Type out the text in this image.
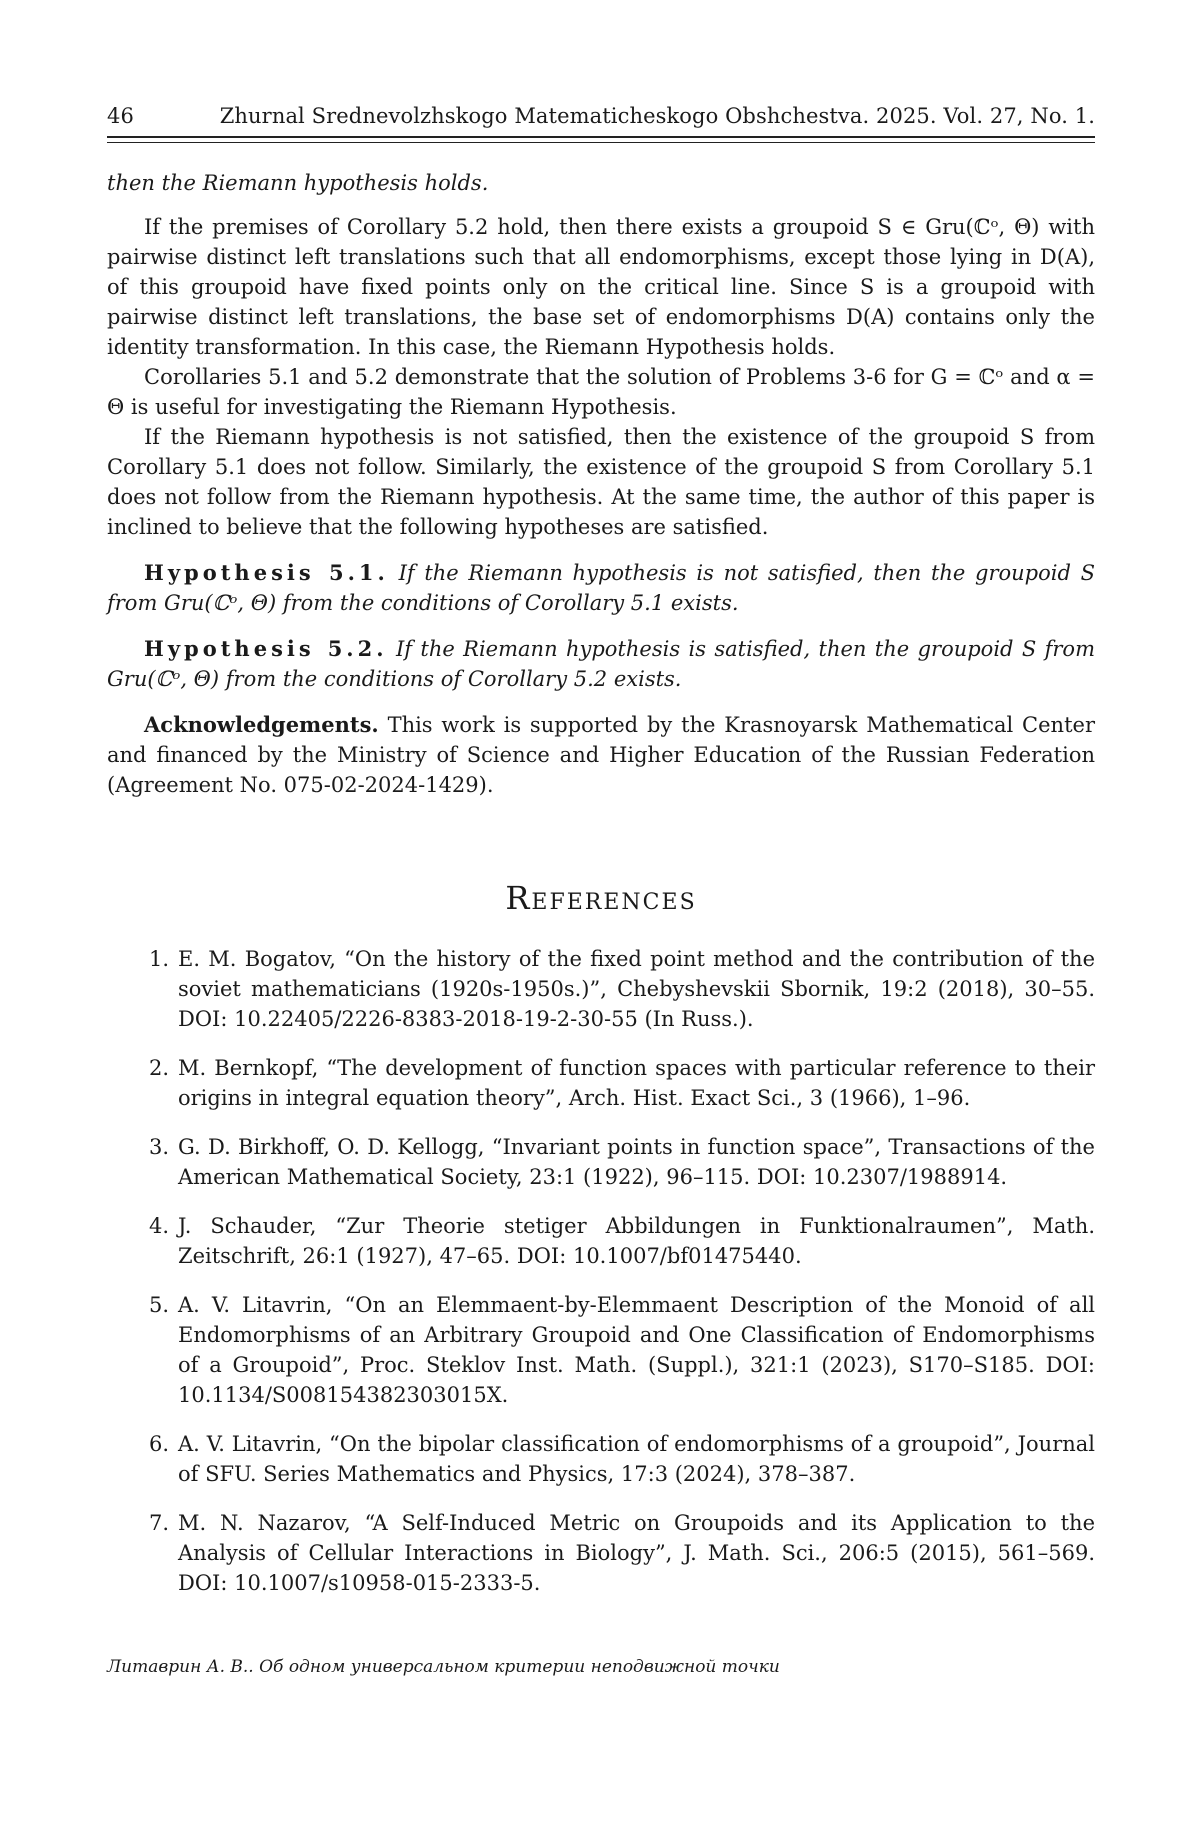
46	Zhurnal Srednevolzhskogo Matematicheskogo Obshchestva. 2025. Vol. 27, No. 1.

then the Riemann hypothesis holds.

If the premises of Corollary 5.2 hold, then there exists a groupoid S ∈ Gru(ℂᵒ, Θ) with pairwise distinct left translations such that all endomorphisms, except those lying in D(A), of this groupoid have fixed points only on the critical line. Since S is a groupoid with pairwise distinct left translations, the base set of endomorphisms D(A) contains only the identity transformation. In this case, the Riemann Hypothesis holds.

Corollaries 5.1 and 5.2 demonstrate that the solution of Problems 3-6 for G = ℂᵒ and α = Θ is useful for investigating the Riemann Hypothesis.

If the Riemann hypothesis is not satisfied, then the existence of the groupoid S from Corollary 5.1 does not follow. Similarly, the existence of the groupoid S from Corollary 5.1 does not follow from the Riemann hypothesis. At the same time, the author of this paper is inclined to believe that the following hypotheses are satisfied.

Hypothesis 5.1. If the Riemann hypothesis is not satisfied, then the groupoid S from Gru(ℂᵒ, Θ) from the conditions of Corollary 5.1 exists.

Hypothesis 5.2. If the Riemann hypothesis is satisfied, then the groupoid S from Gru(ℂᵒ, Θ) from the conditions of Corollary 5.2 exists.

Acknowledgements. This work is supported by the Krasnoyarsk Mathematical Center and financed by the Ministry of Science and Higher Education of the Russian Federation (Agreement No. 075-02-2024-1429).

References
1. E. M. Bogatov, “On the history of the fixed point method and the contribution of the soviet mathematicians (1920s-1950s.)”, Chebyshevskii Sbornik, 19:2 (2018), 30–55. DOI: 10.22405/2226-8383-2018-19-2-30-55 (In Russ.).
2. M. Bernkopf, “The development of function spaces with particular reference to their origins in integral equation theory”, Arch. Hist. Exact Sci., 3 (1966), 1–96.
3. G. D. Birkhoff, O. D. Kellogg, “Invariant points in function space”, Transactions of the American Mathematical Society, 23:1 (1922), 96–115. DOI: 10.2307/1988914.
4. J. Schauder, “Zur Theorie stetiger Abbildungen in Funktionalraumen”, Math. Zeitschrift, 26:1 (1927), 47–65. DOI: 10.1007/bf01475440.
5. A. V. Litavrin, “On an Elemmaent-by-Elemmaent Description of the Monoid of all Endomorphisms of an Arbitrary Groupoid and One Classification of Endomorphisms of a Groupoid”, Proc. Steklov Inst. Math. (Suppl.), 321:1 (2023), S170–S185. DOI: 10.1134/S008154382303015X.
6. A. V. Litavrin, “On the bipolar classification of endomorphisms of a groupoid”, Journal of SFU. Series Mathematics and Physics, 17:3 (2024), 378–387.
7. M. N. Nazarov, “A Self-Induced Metric on Groupoids and its Application to the Analysis of Cellular Interactions in Biology”, J. Math. Sci., 206:5 (2015), 561–569. DOI: 10.1007/s10958-015-2333-5.
Литаврин А. В.. Об одном универсальном критерии неподвижной точки
